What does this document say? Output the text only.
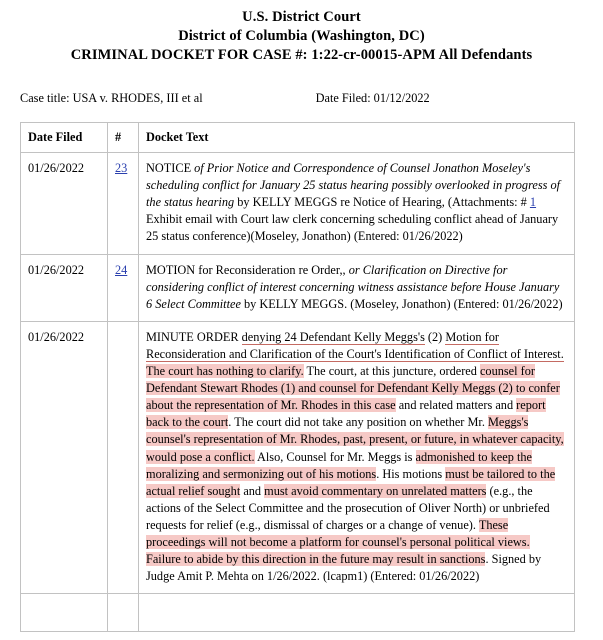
U.S. District Court
District of Columbia (Washington, DC)
CRIMINAL DOCKET FOR CASE #: 1:22-cr-00015-APM All Defendants
Case title: USA v. RHODES, III et al	Date Filed: 01/12/2022
Date Filed	#	Docket Text
01/26/2022	23	NOTICE of Prior Notice and Correspondence of Counsel Jonathon Moseley's scheduling conflict for January 25 status hearing possibly overlooked in progress of the status hearing by KELLY MEGGS re Notice of Hearing, (Attachments: # 1 Exhibit email with Court law clerk concerning scheduling conflict ahead of January 25 status conference)(Moseley, Jonathon) (Entered: 01/26/2022)
01/26/2022	24	MOTION for Reconsideration re Order,, or Clarification on Directive for considering conflict of interest concerning witness assistance before House January 6 Select Committee by KELLY MEGGS. (Moseley, Jonathon) (Entered: 01/26/2022)
01/26/2022		MINUTE ORDER denying 24 Defendant Kelly Meggs's (2) Motion for Reconsideration and Clarification of the Court's Identification of Conflict of Interest. The court has nothing to clarify. The court, at this juncture, ordered counsel for Defendant Stewart Rhodes (1) and counsel for Defendant Kelly Meggs (2) to confer about the representation of Mr. Rhodes in this case and related matters and report back to the court. The court did not take any position on whether Mr. Meggs's counsel's representation of Mr. Rhodes, past, present, or future, in whatever capacity, would pose a conflict. Also, Counsel for Mr. Meggs is admonished to keep the moralizing and sermonizing out of his motions. His motions must be tailored to the actual relief sought and must avoid commentary on unrelated matters (e.g., the actions of the Select Committee and the prosecution of Oliver North) or unbriefed requests for relief (e.g., dismissal of charges or a change of venue). These proceedings will not become a platform for counsel's personal political views. Failure to abide by this direction in the future may result in sanctions. Signed by Judge Amit P. Mehta on 1/26/2022. (lcapm1) (Entered: 01/26/2022)
